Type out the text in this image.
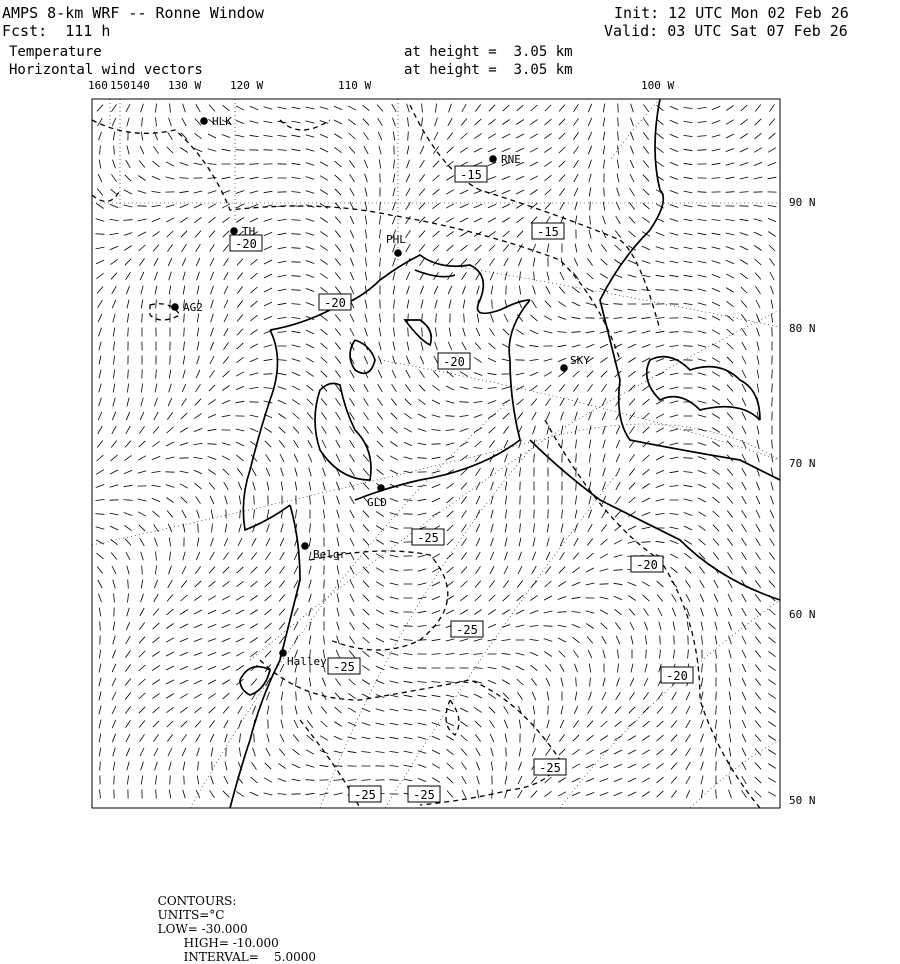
-15
-15
-20
-20
-20
-20
-20
-25
-25
-25
-25
-25	-25
HLK
RNE
TH
PHL
AG2
SKY
GLD
Belgr
Halley
160 150 140 130 W	120 W	110 W	100 W
90 N
80 N
70 N
60 N
50 N
AMPS 8-km WRF -- Ronne Window
Fcst:  111 h
Init: 12 UTC Mon 02 Feb 26
Valid: 03 UTC Sat 07 Feb 26
Temperature	at height =  3.05 km
Horizontal wind vectors	at height =  3.05 km

CONTOURS:
UNITS=°C
LOW= -30.000
HIGH= -10.000
INTERVAL=    5.0000
